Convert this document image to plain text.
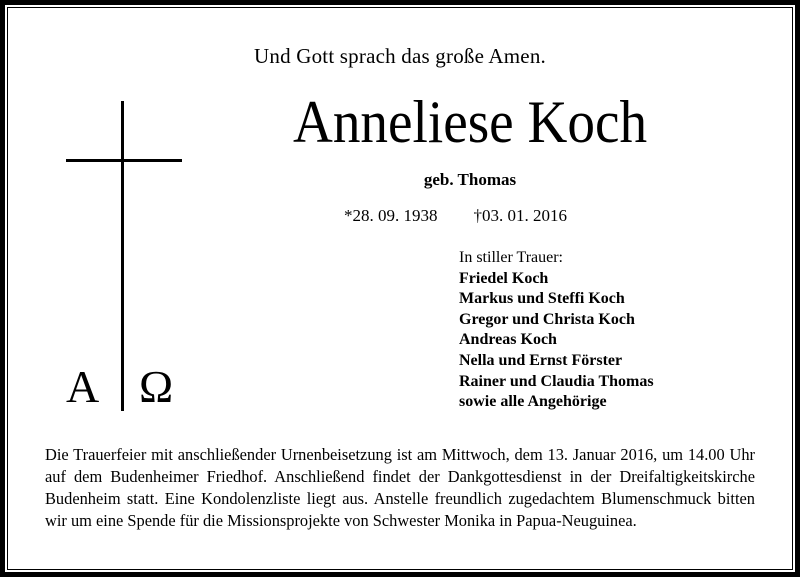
Und Gott sprach das große Amen.
Anneliese Koch
geb. Thomas
*28. 09. 1938 †03. 01. 2016
In stiller Trauer:
Friedel Koch
Markus und Steffi Koch
Gregor und Christa Koch
Andreas Koch
Nella und Ernst Förster
Rainer und Claudia Thomas
sowie alle Angehörige
A Ω
Die Trauerfeier mit anschließender Urnenbeisetzung ist am Mittwoch, dem 13. Januar 2016, um 14.00 Uhr auf dem Budenheimer Friedhof. Anschließend findet der Dankgottesdienst in der Dreifaltigkeitskirche Budenheim statt. Eine Kondolenzliste liegt aus. Anstelle freundlich zugedachtem Blumenschmuck bitten wir um eine Spende für die Missionsprojekte von Schwester Monika in Papua-Neuguinea.
